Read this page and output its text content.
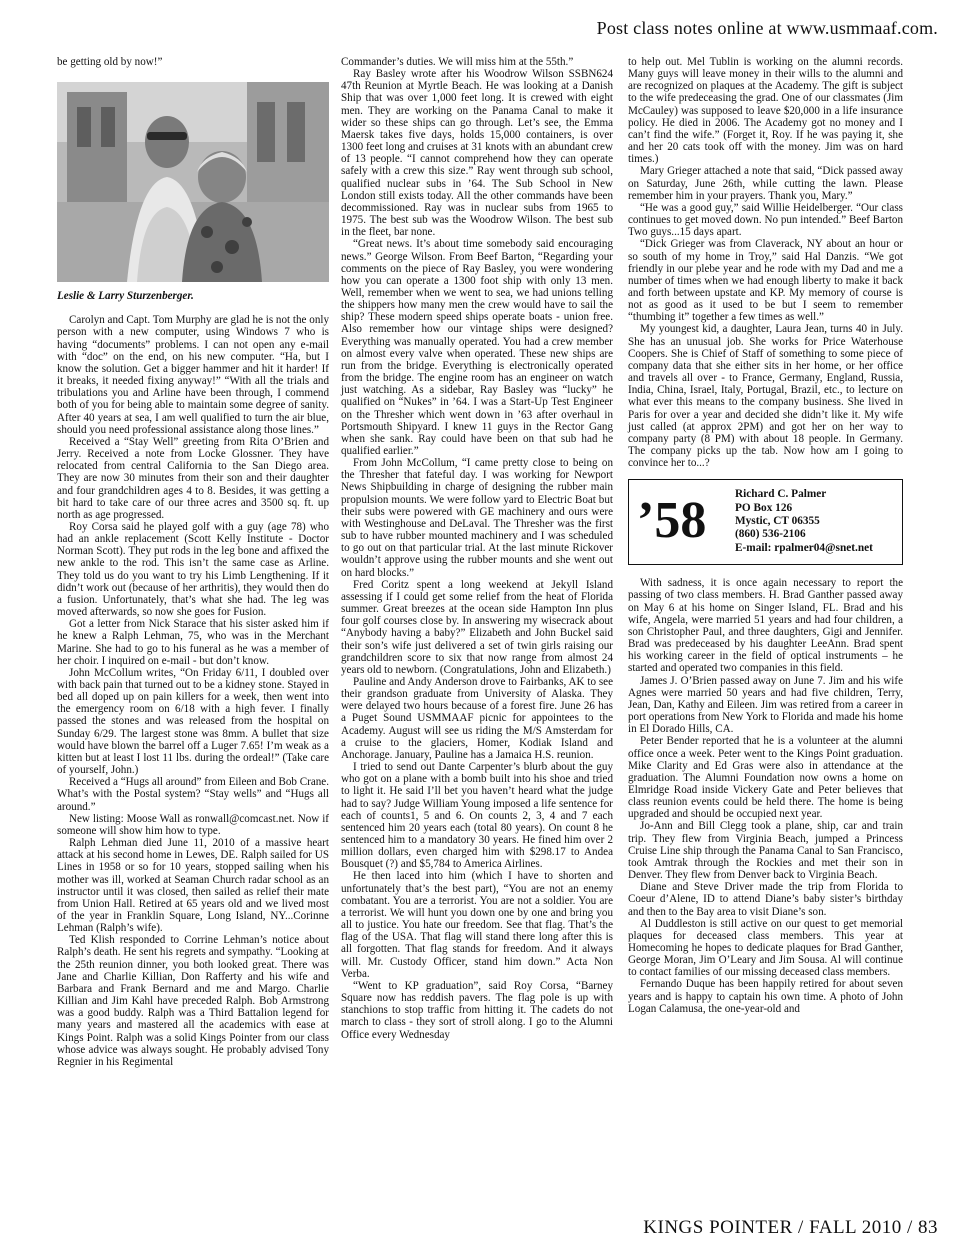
Post class notes online at www.usmmaaf.com.

be getting old by now!”

Leslie & Larry Sturzenberger.

Carolyn and Capt. Tom Murphy are glad he is not the only person with a new computer, using Windows 7 who is having “documents” problems. I can not open any e-mail with “doc” on the end, on his new computer. “Ha, but I know the solution. Get a bigger hammer and hit it harder! If it breaks, it needed fixing anyway!” “With all the trials and tribulations you and Arline have been through, I commend both of you for being able to maintain some degree of sanity. After 40 years at sea, I am well qualified to turn the air blue, should you need professional assistance along those lines.”

Received a “Stay Well” greeting from Rita O’Brien and Jerry. Received a note from Locke Glossner. They have relocated from central California to the San Diego area. They are now 30 minutes from their son and their daughter and four grandchildren ages 4 to 8. Besides, it was getting a bit hard to take care of our three acres and 3500 sq. ft. up north as age progressed.

Roy Corsa said he played golf with a guy (age 78) who had an ankle replacement (Scott Kelly Institute - Doctor Norman Scott). They put rods in the leg bone and affixed the new ankle to the rod. This isn’t the same case as Arline. They told us do you want to try his Limb Lengthening. If it didn’t work out (because of her arthritis), they would then do a fusion. Unfortunately, that’s what she had. The leg was moved afterwards, so now she goes for Fusion.

Got a letter from Nick Starace that his sister asked him if he knew a Ralph Lehman, 75, who was in the Merchant Marine. She had to go to his funeral as he was a member of her choir. I inquired on e-mail - but don’t know.

John McCollum writes, “On Friday 6/11, I doubled over with back pain that turned out to be a kidney stone. Stayed in bed all doped up on pain killers for a week, then went into the emergency room on 6/18 with a high fever. I finally passed the stones and was released from the hospital on Sunday 6/29. The largest stone was 8mm. A bullet that size would have blown the barrel off a Luger 7.65! I’m weak as a kitten but at least I lost 11 lbs. during the ordeal!” (Take care of yourself, John.)

Received a “Hugs all around” from Eileen and Bob Crane. What’s with the Postal system? “Stay wells” and “Hugs all around.”

New listing: Moose Wall as ronwall@comcast.net. Now if someone will show him how to type.

Ralph Lehman died June 11, 2010 of a massive heart attack at his second home in Lewes, DE. Ralph sailed for US Lines in 1958 or so for 10 years, stopped sailing when his mother was ill, worked at Seaman Church radar school as an instructor until it was closed, then sailed as relief their mate from Union Hall. Retired at 65 years old and we lived most of the year in Franklin Square, Long Island, NY...Corinne Lehman (Ralph’s wife).

Ted Klish responded to Corrine Lehman’s notice about Ralph’s death. He sent his regrets and sympathy. “Looking at the 25th reunion dinner, you both looked great. There was Jane and Charlie Killian, Don Rafferty and his wife and Barbara and Frank Bernard and me and Margo. Charlie Killian and Jim Kahl have preceded Ralph. Bob Armstrong was a good buddy. Ralph was a Third Battalion legend for many years and mastered all the academics with ease at Kings Point. Ralph was a solid Kings Pointer from our class whose advice was always sought. He probably advised Tony Regnier in his Regimental

Commander’s duties. We will miss him at the 55th.”

Ray Basley wrote after his Woodrow Wilson SSBN624 47th Reunion at Myrtle Beach. He was looking at a Danish Ship that was over 1,000 feet long. It is crewed with eight men. They are working on the Panama Canal to make it wider so these ships can go through. Let’s see, the Emma Maersk takes five days, holds 15,000 containers, is over 1300 feet long and cruises at 31 knots with an abundant crew of 13 people. “I cannot comprehend how they can operate safely with a crew this size.” Ray went through sub school, qualified nuclear subs in ’64. The Sub School in New London still exists today. All the other commands have been decommissioned. Ray was in nuclear subs from 1965 to 1975. The best sub was the Woodrow Wilson. The best sub in the fleet, bar none.

“Great news. It’s about time somebody said encouraging news.” George Wilson. From Beef Barton, “Regarding your comments on the piece of Ray Basley, you were wondering how you can operate a 1300 foot ship with only 13 men. Well, remember when we went to sea, we had unions telling the shippers how many men the crew would have to sail the ship? These modern speed ships operate boats - union free. Also remember how our vintage ships were designed? Everything was manually operated. You had a crew member on almost every valve when operated. These new ships are run from the bridge. Everything is electronically operated from the bridge. The engine room has an engineer on watch just watching. As a sidebar, Ray Basley was “lucky” he qualified on “Nukes” in ’64. I was a Start-Up Test Engineer on the Thresher which went down in ’63 after overhaul in Portsmouth Shipyard. I knew 11 guys in the Rector Gang when she sank. Ray could have been on that sub had he qualified earlier.”

From John McCollum, “I came pretty close to being on the Thresher that fateful day. I was working for Newport News Shipbuilding in charge of designing the rubber main propulsion mounts. We were follow yard to Electric Boat but their subs were powered with GE machinery and ours were with Westinghouse and DeLaval. The Thresher was the first sub to have rubber mounted machinery and I was scheduled to go out on that particular trial. At the last minute Rickover wouldn’t approve using the rubber mounts and she went out on hard blocks.”

Fred Coritz spent a long weekend at Jekyll Island assessing if I could get some relief from the heat of Florida summer. Great breezes at the ocean side Hampton Inn plus four golf courses close by. In answering my wisecrack about “Anybody having a baby?” Elizabeth and John Buckel said their son’s wife just delivered a set of twin girls raising our grandchildren score to six that now range from almost 24 years old to newborn. (Congratulations, John and Elizabeth.)

Pauline and Andy Anderson drove to Fairbanks, AK to see their grandson graduate from University of Alaska. They were delayed two hours because of a forest fire. June 26 has a Puget Sound USMMAAF picnic for appointees to the Academy. August will see us riding the M/S Amsterdam for a cruise to the glaciers, Homer, Kodiak Island and Anchorage. January, Pauline has a Jamaica H.S. reunion.

I tried to send out Dante Carpenter’s blurb about the guy who got on a plane with a bomb built into his shoe and tried to light it. He said I’ll bet you haven’t heard what the judge had to say? Judge William Young imposed a life sentence for each of counts1, 5 and 6. On counts 2, 3, 4 and 7 each sentenced him 20 years each (total 80 years). On count 8 he sentenced him to a mandatory 30 years. He fined him over 2 million dollars, even charged him with $298.17 to Andea Bousquet (?) and $5,784 to America Airlines.

He then laced into him (which I have to shorten and unfortunately that’s the best part), “You are not an enemy combatant. You are a terrorist. You are not a soldier. You are a terrorist. We will hunt you down one by one and bring you all to justice. You hate our freedom. See that flag. That’s the flag of the USA. That flag will stand there long after this is all forgotten. That flag stands for freedom. And it always will. Mr. Custody Officer, stand him down.” Acta Non Verba.

“Went to KP graduation”, said Roy Corsa, “Barney Square now has reddish pavers. The flag pole is up with stanchions to stop traffic from hitting it. The cadets do not march to class - they sort of stroll along. I go to the Alumni Office every Wednesday

to help out. Mel Tublin is working on the alumni records. Many guys will leave money in their wills to the alumni and are recognized on plaques at the Academy. The gift is subject to the wife predeceasing the grad. One of our classmates (Jim McCauley) was supposed to leave $20,000 in a life insurance policy. He died in 2006. The Academy got no money and I can’t find the wife.” (Forget it, Roy. If he was paying it, she and her 20 cats took off with the money. Jim was on hard times.)

Mary Grieger attached a note that said, “Dick passed away on Saturday, June 26th, while cutting the lawn. Please remember him in your prayers. Thank you, Mary.”

“He was a good guy,” said Willie Heidelberger. “Our class continues to get moved down. No pun intended.” Beef Barton Two guys...15 days apart.

“Dick Grieger was from Claverack, NY about an hour or so south of my home in Troy,” said Hal Danzis. “We got friendly in our plebe year and he rode with my Dad and me a number of times when we had enough liberty to make it back and forth between upstate and KP. My memory of course is not as good as it used to be but I seem to remember “thumbing it” together a few times as well.”

My youngest kid, a daughter, Laura Jean, turns 40 in July. She has an unusual job. She works for Price Waterhouse Coopers. She is Chief of Staff of something to some piece of company data that she either sits in her home, or her office and travels all over - to France, Germany, England, Russia, India, China, Israel, Italy, Portugal, Brazil, etc., to lecture on what ever this means to the company business. She lived in Paris for over a year and decided she didn’t like it. My wife just called (at approx 2PM) and got her on her way to company party (8 PM) with about 18 people. In Germany. The company picks up the tab. Now how am I going to convince her to...?

’58	Richard C. Palmer
PO Box 126
Mystic, CT 06355
(860) 536-2106
E-mail: rpalmer04@snet.net

With sadness, it is once again necessary to report the passing of two class members. H. Brad Ganther passed away on May 6 at his home on Singer Island, FL. Brad and his wife, Angela, were married 51 years and had four children, a son Christopher Paul, and three daughters, Gigi and Jennifer. Brad was predeceased by his daughter LeeAnn. Brad spent his working career in the field of optical instruments – he started and operated two companies in this field.

James J. O’Brien passed away on June 7. Jim and his wife Agnes were married 50 years and had five children, Terry, Jean, Dan, Kathy and Eileen. Jim was retired from a career in port operations from New York to Florida and made his home in El Dorado Hills, CA.

Peter Bender reported that he is a volunteer at the alumni office once a week. Peter went to the Kings Point graduation. Mike Clarity and Ed Gras were also in attendance at the graduation. The Alumni Foundation now owns a home on Elmridge Road inside Vickery Gate and Peter believes that class reunion events could be held there. The home is being upgraded and should be occupied next year.

Jo-Ann and Bill Clegg took a plane, ship, car and train trip. They flew from Virginia Beach, jumped a Princess Cruise Line ship through the Panama Canal to San Francisco, took Amtrak through the Rockies and met their son in Denver. They flew from Denver back to Virginia Beach.

Diane and Steve Driver made the trip from Florida to Coeur d’Alene, ID to attend Diane’s baby sister’s birthday and then to the Bay area to visit Diane’s son.

Al Duddleston is still active on our quest to get memorial plaques for deceased class members. This year at Homecoming he hopes to dedicate plaques for Brad Ganther, George Moran, Jim O’Leary and Jim Sousa. Al will continue to contact families of our missing deceased class members.

Fernando Duque has been happily retired for about seven years and is happy to captain his own time. A photo of John Logan Calamusa, the one-year-old and

KINGS POINTER / FALL 2010 / 83
